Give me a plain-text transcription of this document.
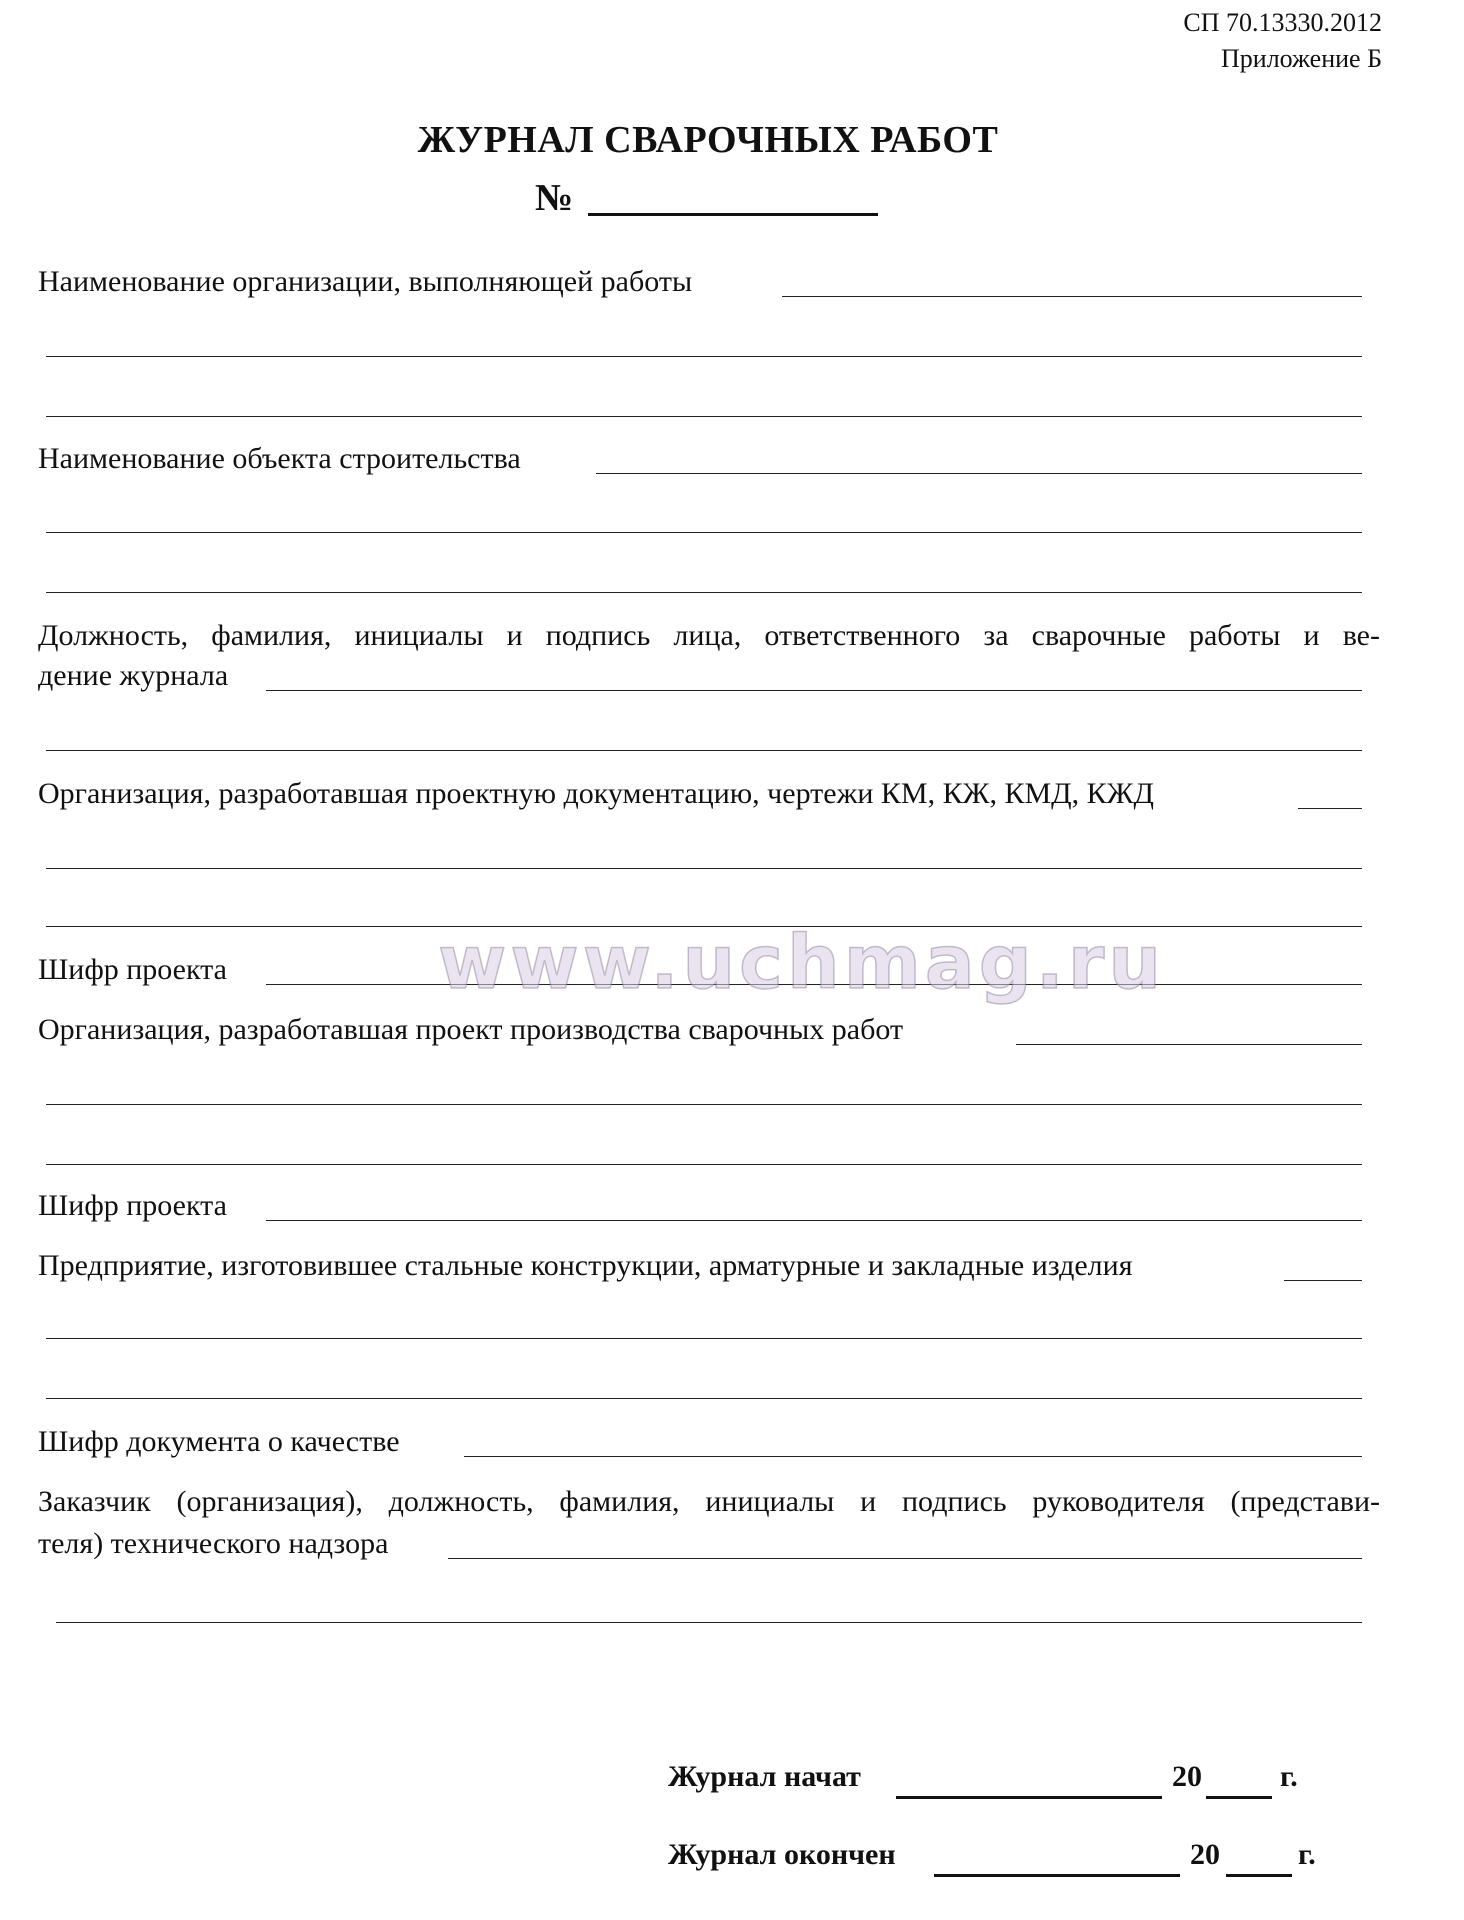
СП 70.13330.2012
Приложение Б
ЖУРНАЛ СВАРОЧНЫХ РАБОТ
№
Наименование организации, выполняющей работы
Наименование объекта строительства
Должность, фамилия, инициалы и подпись лица, ответственного за сварочные работы и ве-
дение журнала
Организация, разработавшая проектную документацию, чертежи КМ, КЖ, КМД, КЖД
Шифр проекта
Организация, разработавшая проект производства сварочных работ
Шифр проекта
Предприятие, изготовившее стальные конструкции, арматурные и закладные изделия
Шифр документа о качестве
Заказчик (организация), должность, фамилия, инициалы и подпись руководителя (представи-
теля) технического надзора
www.uchmag.ru
Журнал начат	20	г.
Журнал окончен	20	г.
